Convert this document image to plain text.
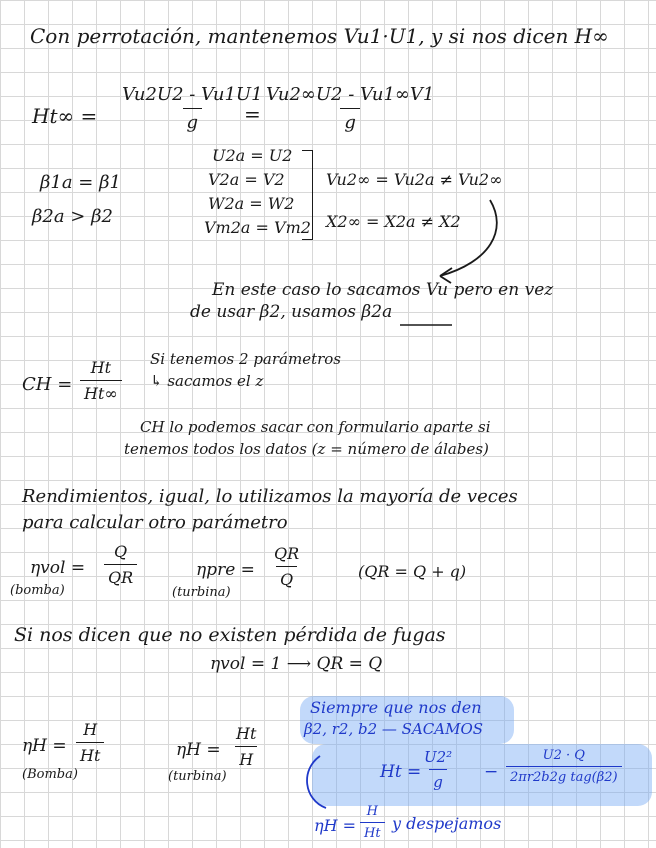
Con perrotación, mantenemos Vu1·U1, y si nos dicen H∞
$Ht\infty = \frac{Vu2U2 - Vu1U1}{g}$
= $\frac{Vu2\infty U2 - Vu1\infty V1}{g}$
β1a = β1
β2a > β2
U2a = U2
V2a = V2
W2a = W2
Vm2a = Vm2
Vu2∞ = Vu2a ≠ Vu2∞
X2∞ = X2a ≠ X2
En este caso lo sacamos Vu pero en vez
de usar β2, usamos β2a
CH = $\frac{Ht}{Ht\infty}$ Si tenemos 2 parámetros
↳ sacamos el z
CH lo podemos sacar con formulario aparte si
tenemos todos los datos (z = número de álabes)
Rendimientos, igual, lo utilizamos la mayoría de veces
para calcular otro parámetro
$\eta vol = \frac{Q}{QR}$
(bomba)
$\eta pre = \frac{QR}{Q}$
(turbina)
(QR = Q + q)
Si nos dicen que no existen pérdida de fugas
ηvol = 1 ⟶ QR = Q
Siempre que nos den
β2, r2, b2 — SACAMOS
$\eta H = \frac{H}{Ht}$
(Bomba)
$\eta H = \frac{Ht}{H}$
(turbina)	Ht =
$\frac{\text{U2²}}{g}$ −
U2 · Q
2πr2b2g tag(β2)
$\eta H = \frac{H}{Ht}$ y despejamos
